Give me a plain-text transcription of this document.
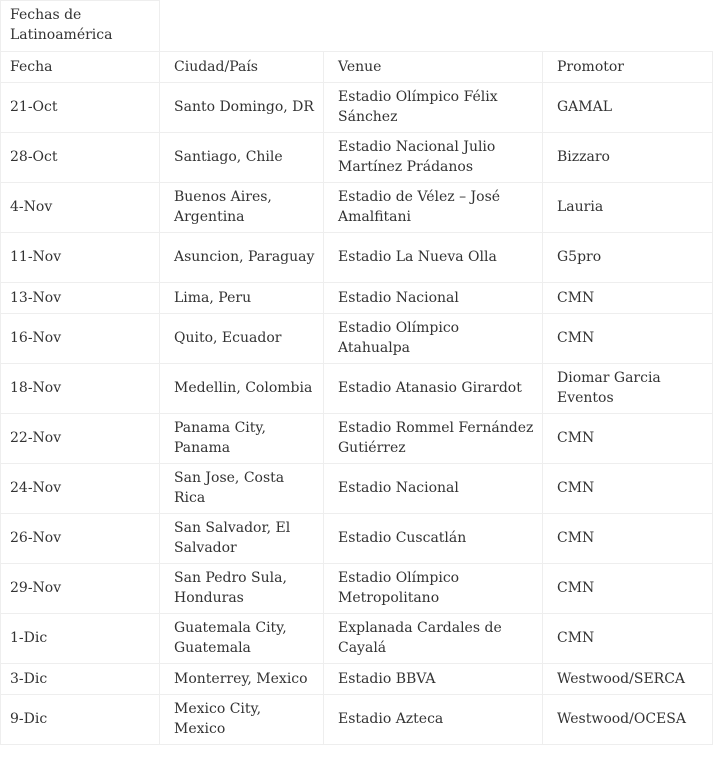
Fechas de Latinoamérica			
Fecha	Ciudad/País	Venue	Promotor
21-Oct	Santo Domingo, DR	Estadio Olímpico Félix Sánchez	GAMAL
28-Oct	Santiago, Chile	Estadio Nacional Julio Martínez Prádanos	Bizzaro
4-Nov	Buenos Aires, Argentina	Estadio de Vélez – José Amalfitani	Lauria
11-Nov	Asuncion, Paraguay	Estadio La Nueva Olla	G5pro
13-Nov	Lima, Peru	Estadio Nacional	CMN
16-Nov	Quito, Ecuador	Estadio Olímpico Atahualpa	CMN
18-Nov	Medellin, Colombia	Estadio Atanasio Girardot	Diomar Garcia Eventos
22-Nov	Panama City, Panama	Estadio Rommel Fernández Gutiérrez	CMN
24-Nov	San Jose, Costa Rica	Estadio Nacional	CMN
26-Nov	San Salvador, El Salvador	Estadio Cuscatlán	CMN
29-Nov	San Pedro Sula, Honduras	Estadio Olímpico Metropolitano	CMN
1-Dic	Guatemala City, Guatemala	Explanada Cardales de Cayalá	CMN
3-Dic	Monterrey, Mexico	Estadio BBVA	Westwood/SERCA
9-Dic	Mexico City, Mexico	Estadio Azteca	Westwood/OCESA
